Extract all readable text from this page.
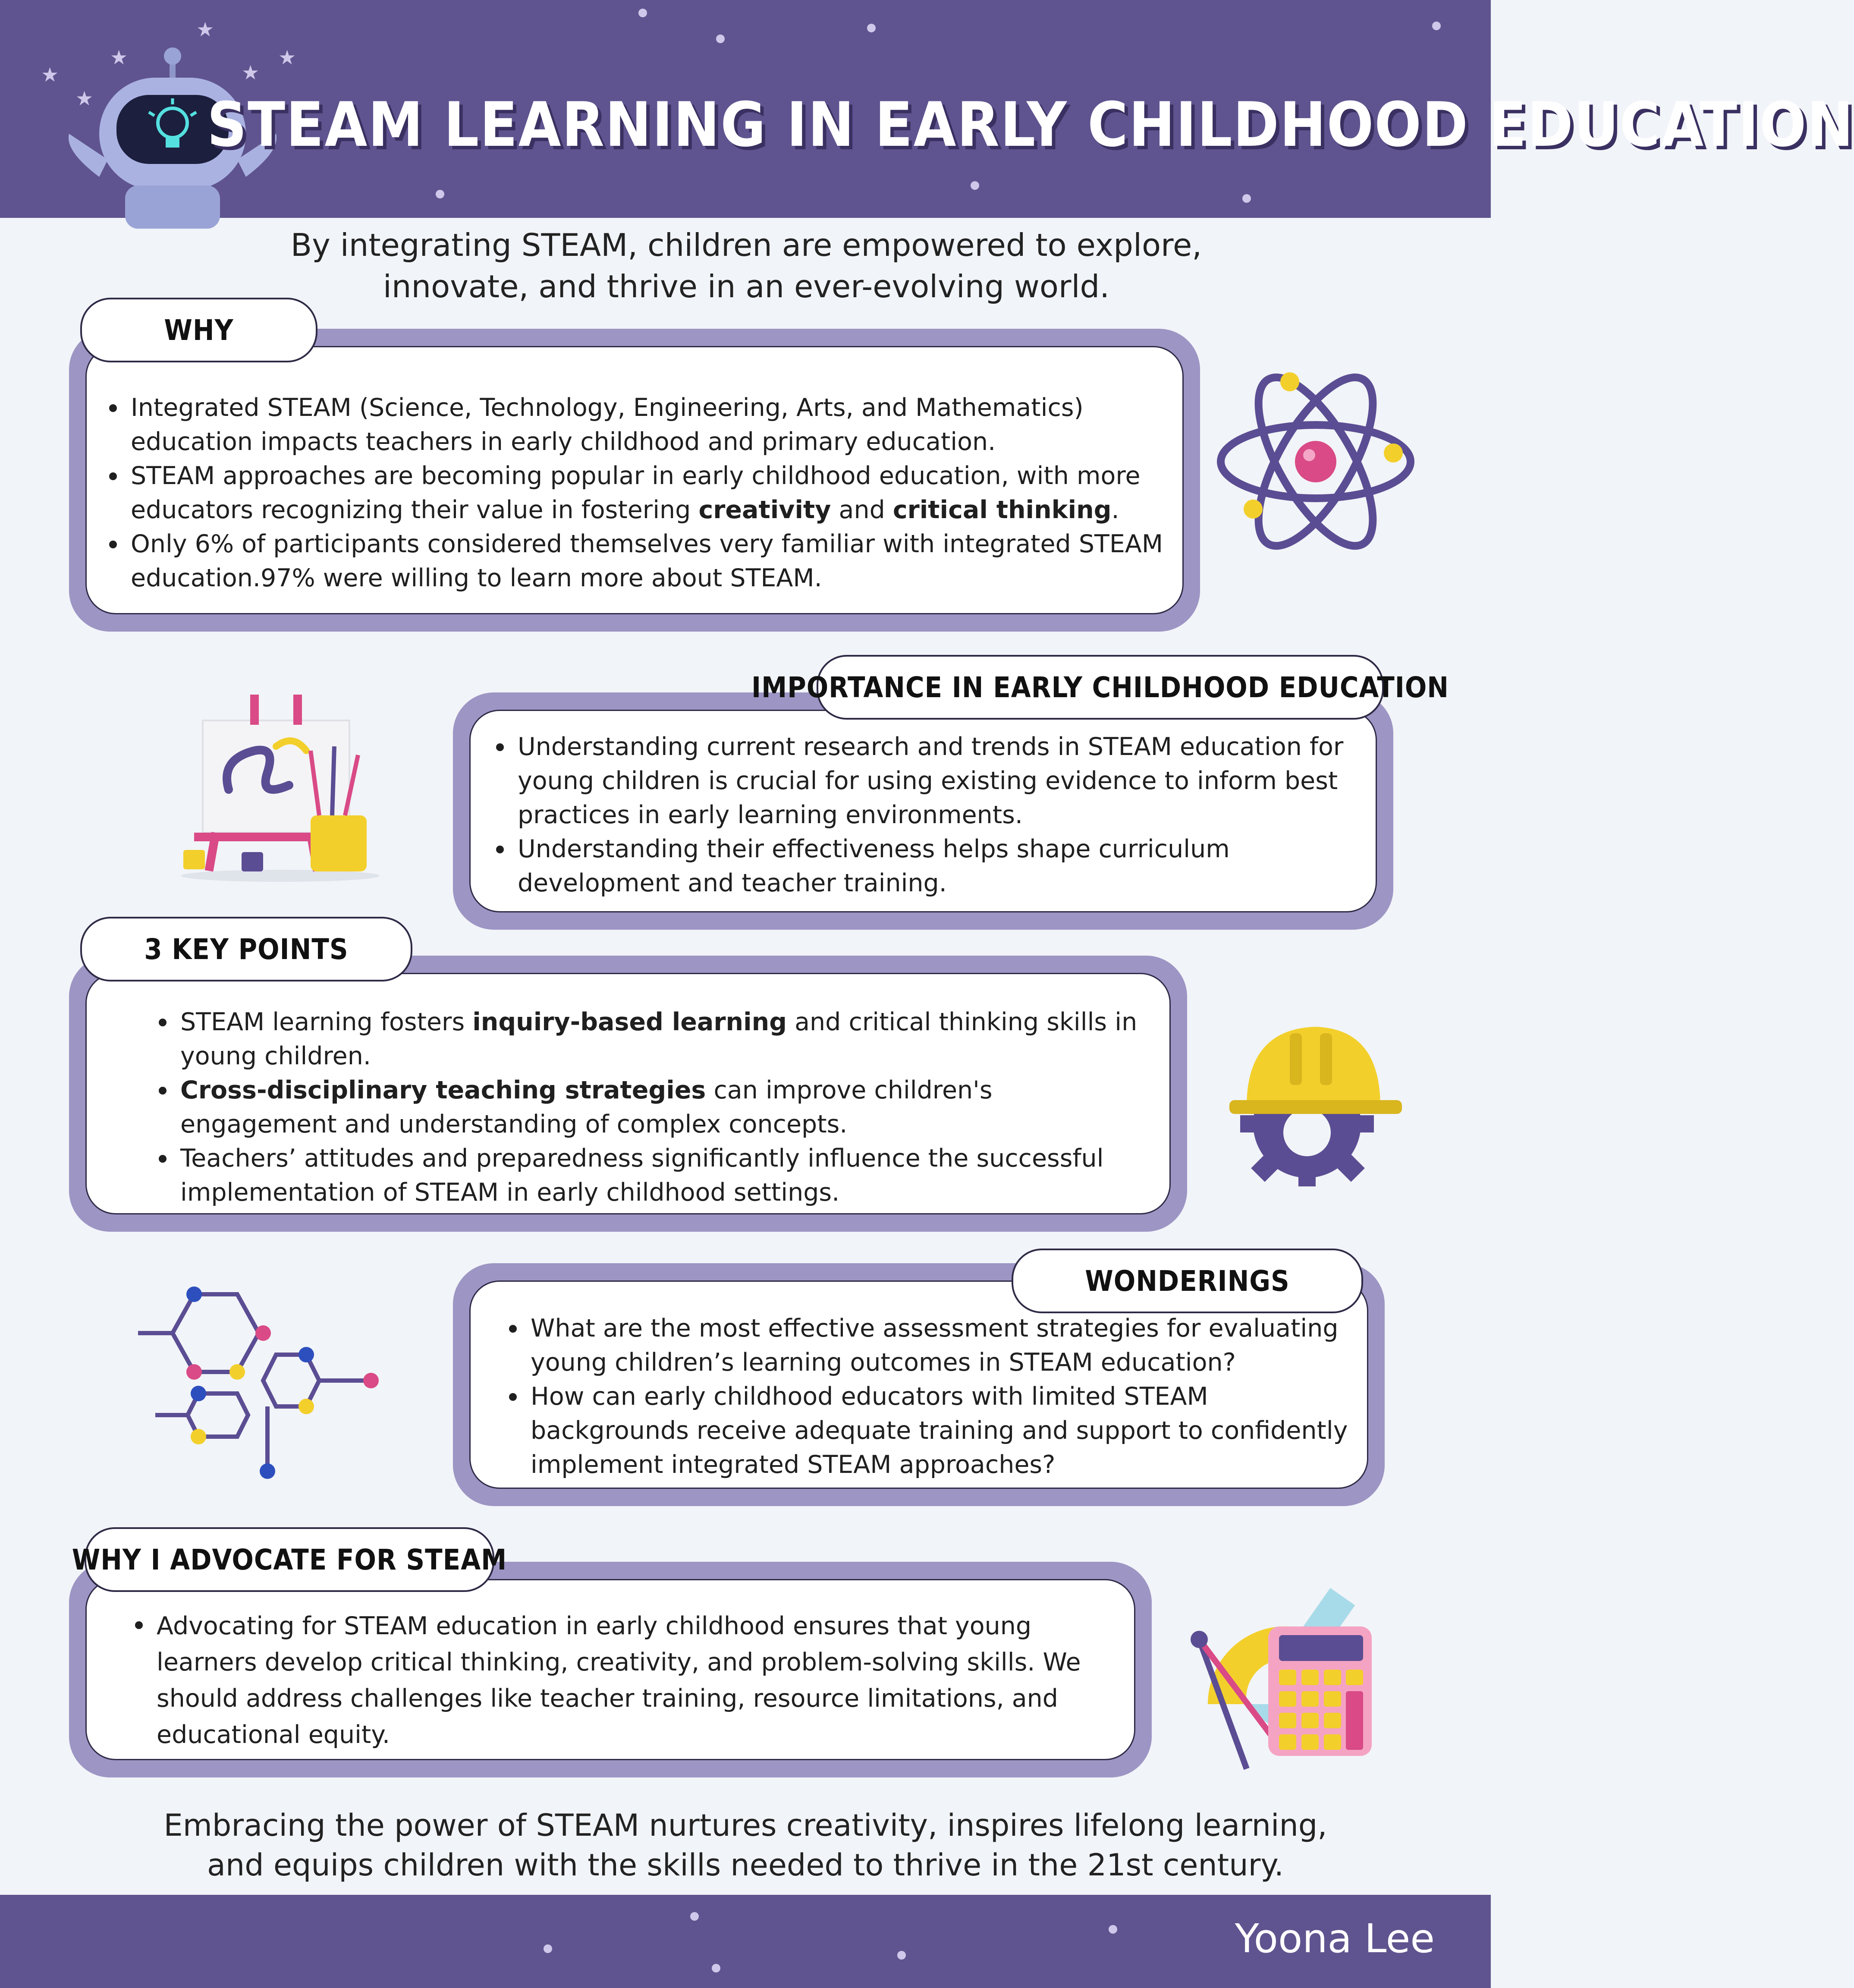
★
★
★
★
★
★
STEAM LEARNING IN EARLY CHILDHOOD EDUCATION

By integrating STEAM, children are empowered to explore,
innovate, and thrive in an ever-evolving world.

WHY
Integrated STEAM (Science, Technology, Engineering, Arts, and Mathematics) education impacts teachers in early childhood and primary education.
STEAM approaches are becoming popular in early childhood education, with more educators recognizing their value in fostering creativity and critical thinking.
Only 6% of participants considered themselves very familiar with integrated STEAM education.97% were willing to learn more about STEAM.
IMPORTANCE IN EARLY CHILDHOOD EDUCATION
Understanding current research and trends in STEAM education for young children is crucial for using existing evidence to inform best practices in early learning environments.
Understanding their effectiveness helps shape curriculum development and teacher training.
3 KEY POINTS
STEAM learning fosters inquiry-based learning and critical thinking skills in young children.
Cross-disciplinary teaching strategies can improve children's engagement and understanding of complex concepts.
Teachers’ attitudes and preparedness significantly influence the successful implementation of STEAM in early childhood settings.
WONDERINGS
What are the most effective assessment strategies for evaluating young children’s learning outcomes in STEAM education?
How can early childhood educators with limited STEAM backgrounds receive adequate training and support to confidently implement integrated STEAM approaches?
WHY I ADVOCATE FOR STEAM
Advocating for STEAM education in early childhood ensures that young learners develop critical thinking, creativity, and problem-solving skills. We should address challenges like teacher training, resource limitations, and educational equity.

Embracing the power of STEAM nurtures creativity, inspires lifelong learning,
and equips children with the skills needed to thrive in the 21st century.

Yoona Lee
